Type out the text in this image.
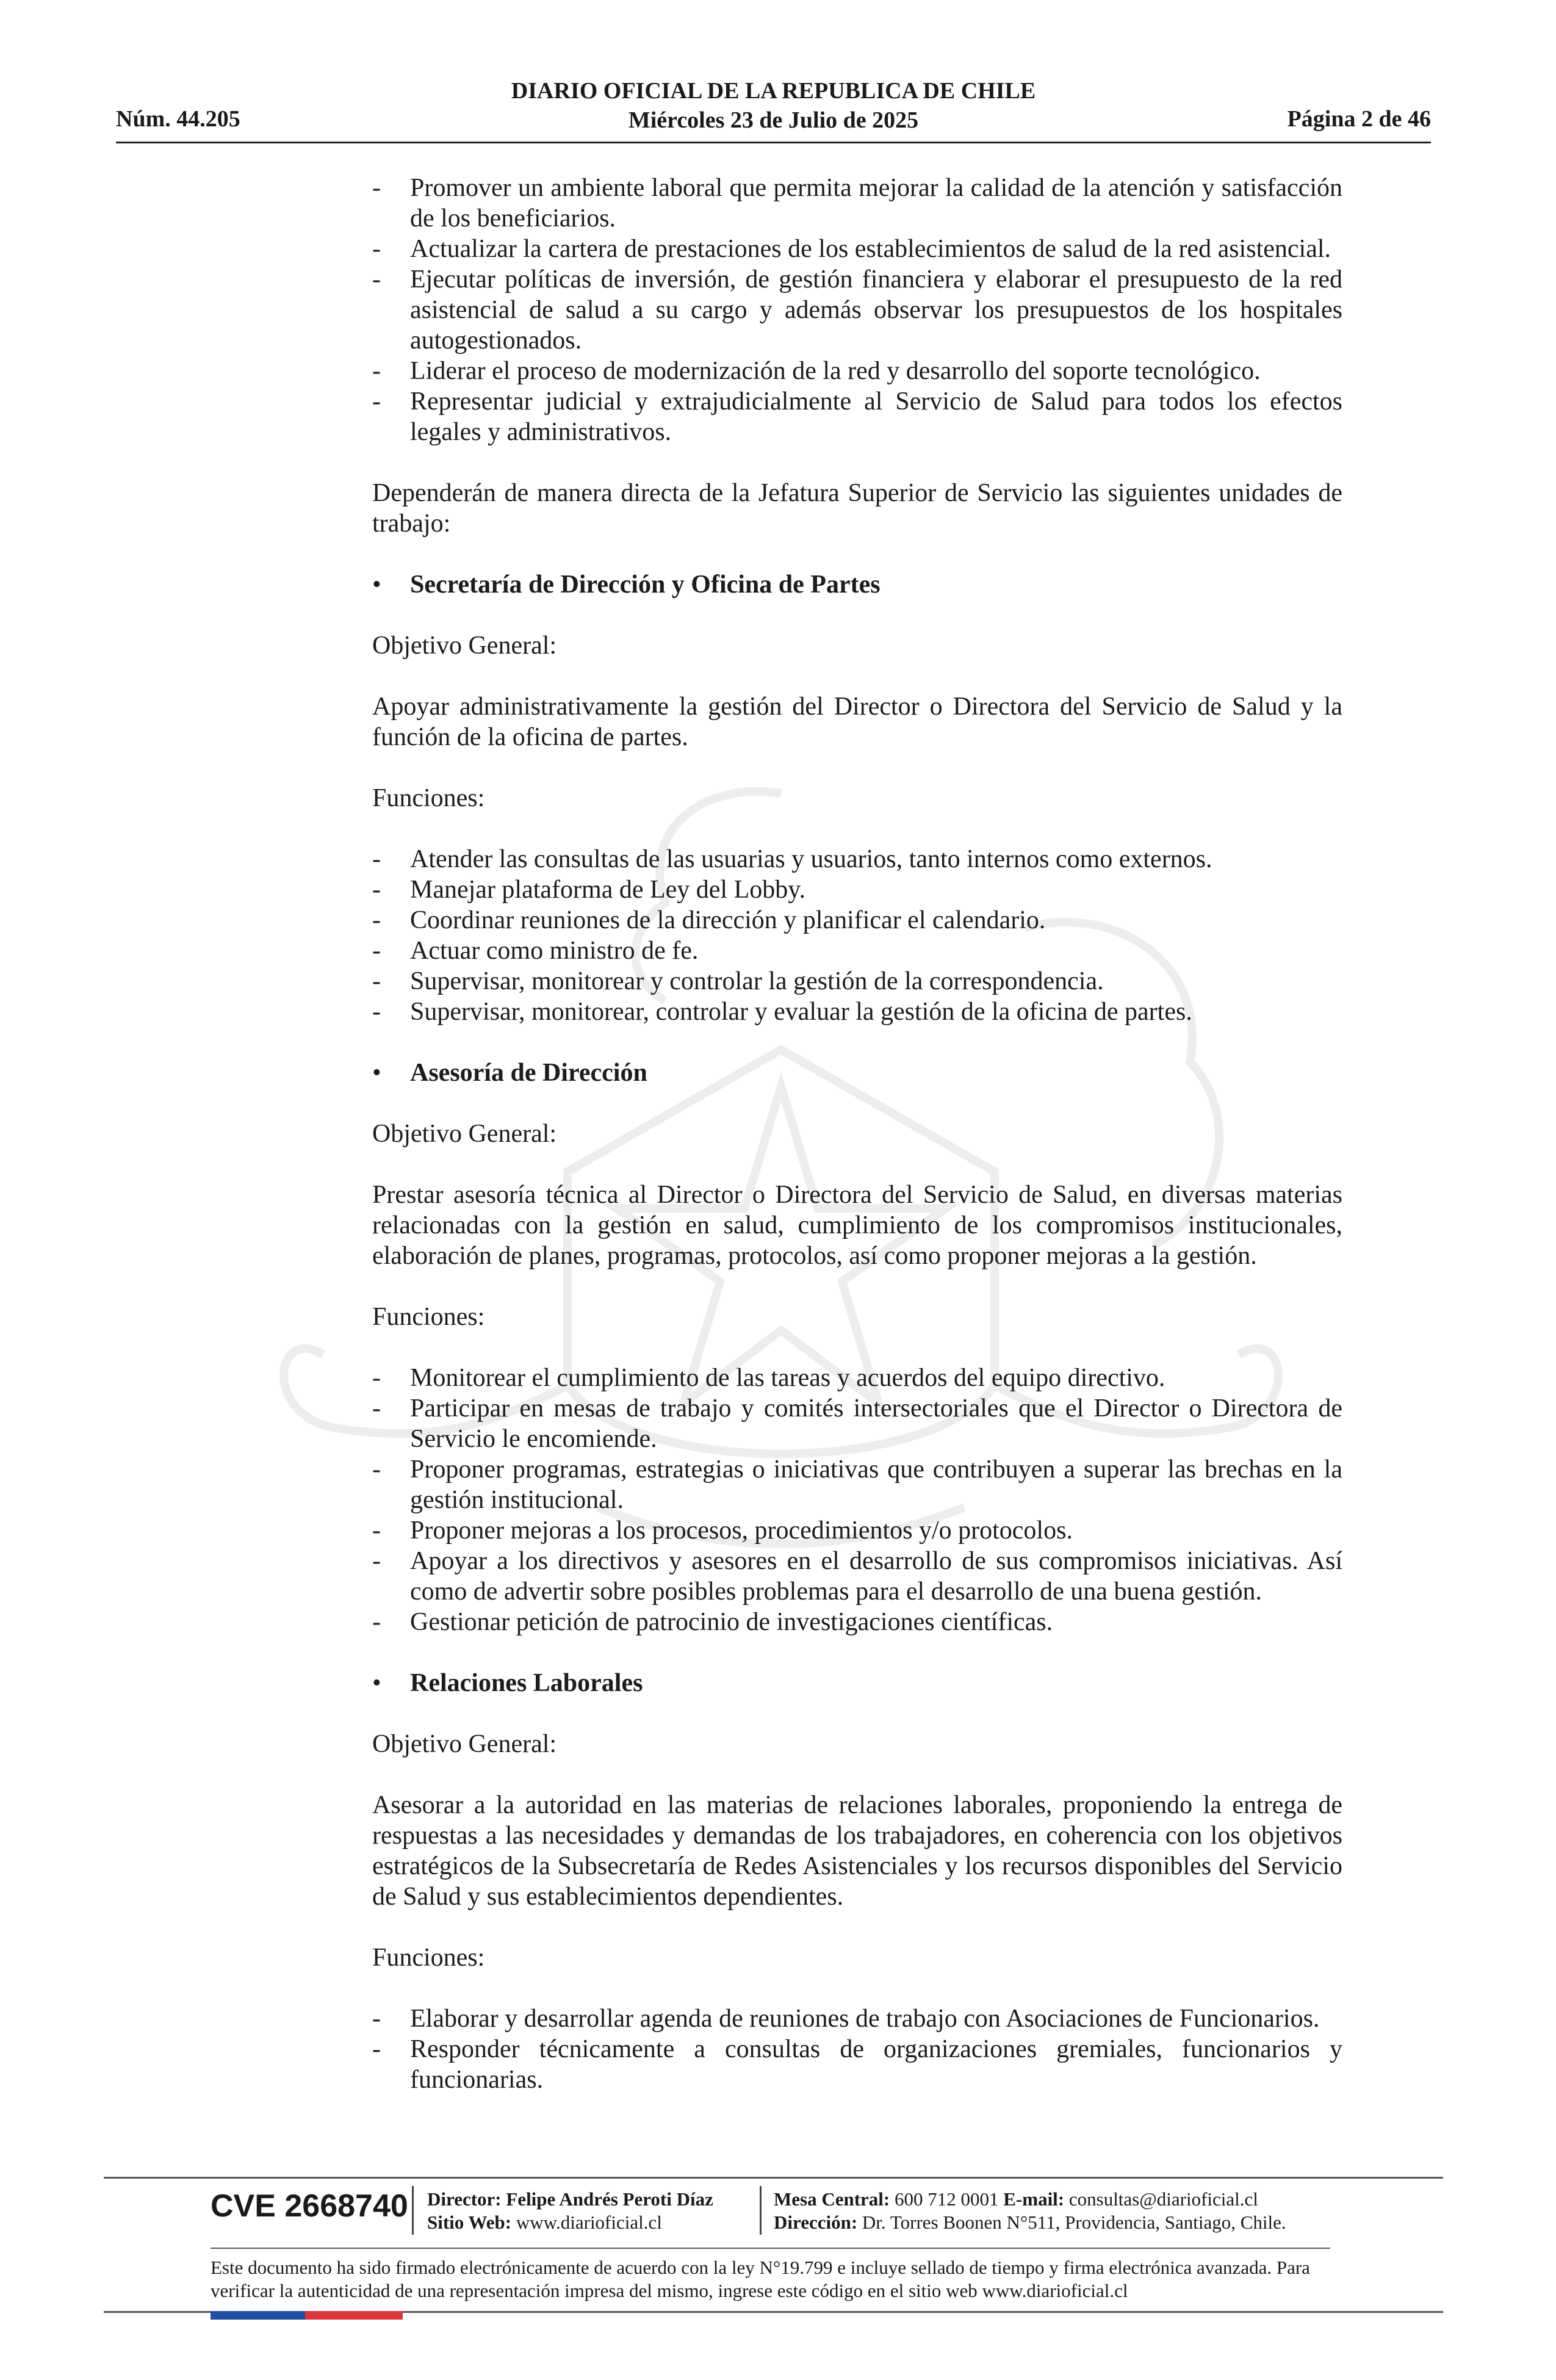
Núm. 44.205
DIARIO OFICIAL DE LA REPUBLICA DE CHILE
Miércoles 23 de Julio de 2025	Página 2 de 46
- Promover un ambiente laboral que permita mejorar la calidad de la atención y satisfacción de los beneficiarios.
- Actualizar la cartera de prestaciones de los establecimientos de salud de la red asistencial.
- Ejecutar políticas de inversión, de gestión financiera y elaborar el presupuesto de la red asistencial de salud a su cargo y además observar los presupuestos de los hospitales autogestionados.
- Liderar el proceso de modernización de la red y desarrollo del soporte tecnológico.
- Representar judicial y extrajudicialmente al Servicio de Salud para todos los efectos legales y administrativos.

Dependerán de manera directa de la Jefatura Superior de Servicio las siguientes unidades de trabajo:

• Secretaría de Dirección y Oficina de Partes

Objetivo General:

Apoyar administrativamente la gestión del Director o Directora del Servicio de Salud y la función de la oficina de partes.

Funciones:

- Atender las consultas de las usuarias y usuarios, tanto internos como externos.
- Manejar plataforma de Ley del Lobby.
- Coordinar reuniones de la dirección y planificar el calendario.
- Actuar como ministro de fe.
- Supervisar, monitorear y controlar la gestión de la correspondencia.
- Supervisar, monitorear, controlar y evaluar la gestión de la oficina de partes.
• Asesoría de Dirección

Objetivo General:

Prestar asesoría técnica al Director o Directora del Servicio de Salud, en diversas materias relacionadas con la gestión en salud, cumplimiento de los compromisos institucionales, elaboración de planes, programas, protocolos, así como proponer mejoras a la gestión.

Funciones:

- Monitorear el cumplimiento de las tareas y acuerdos del equipo directivo.
- Participar en mesas de trabajo y comités intersectoriales que el Director o Directora de Servicio le encomiende.
- Proponer programas, estrategias o iniciativas que contribuyen a superar las brechas en la gestión institucional.
- Proponer mejoras a los procesos, procedimientos y/o protocolos.
- Apoyar a los directivos y asesores en el desarrollo de sus compromisos iniciativas. Así como de advertir sobre posibles problemas para el desarrollo de una buena gestión.
- Gestionar petición de patrocinio de investigaciones científicas.
• Relaciones Laborales

Objetivo General:

Asesorar a la autoridad en las materias de relaciones laborales, proponiendo la entrega de respuestas a las necesidades y demandas de los trabajadores, en coherencia con los objetivos estratégicos de la Subsecretaría de Redes Asistenciales y los recursos disponibles del Servicio de Salud y sus establecimientos dependientes.

Funciones:

- Elaborar y desarrollar agenda de reuniones de trabajo con Asociaciones de Funcionarios.
- Responder técnicamente a consultas de organizaciones gremiales, funcionarios y funcionarias.
CVE 2668740 Director: Felipe Andrés Peroti Díaz
Sitio Web: www.diarioficial.cl
Mesa Central: 600 712 0001 E-mail: consultas@diarioficial.cl
Dirección: Dr. Torres Boonen N°511, Providencia, Santiago, Chile.
Este documento ha sido firmado electrónicamente de acuerdo con la ley N°19.799 e incluye sellado de tiempo y firma electrónica avanzada. Para verificar la autenticidad de una representación impresa del mismo, ingrese este código en el sitio web www.diarioficial.cl
